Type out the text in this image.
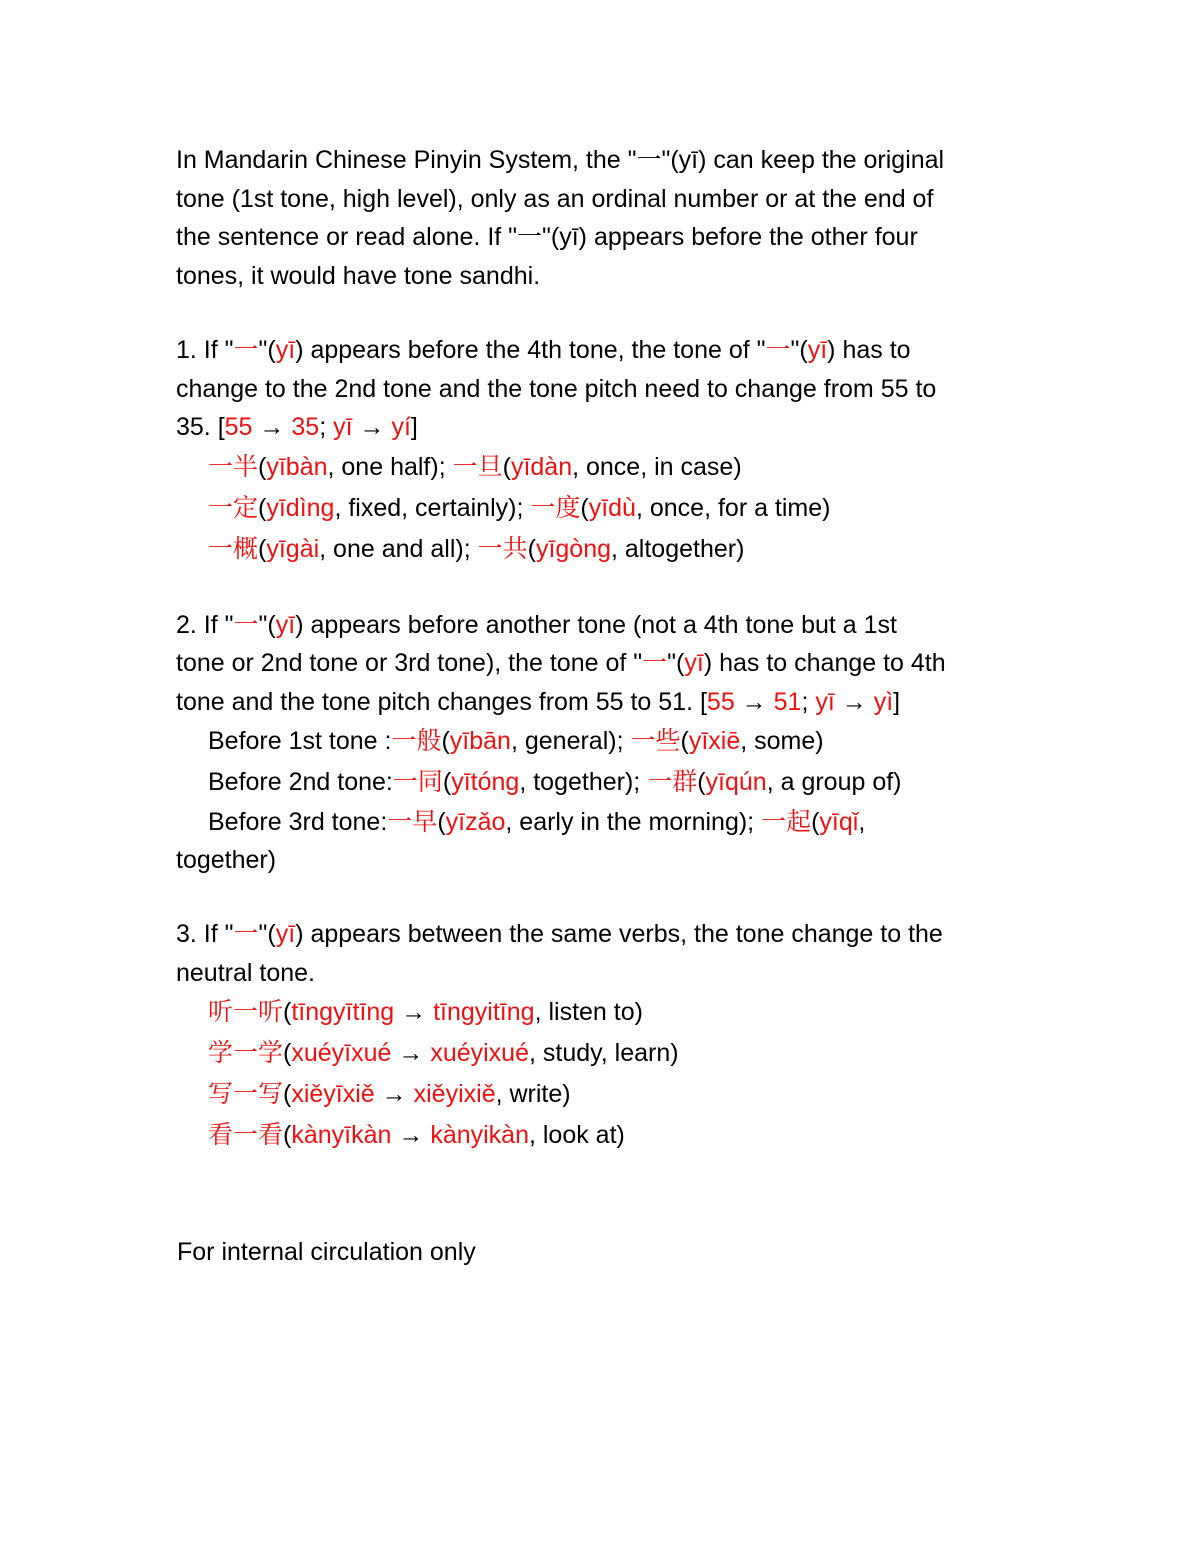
In Mandarin Chinese Pinyin System, the "一"(yī) can keep the original
tone (1st tone, high level), only as an ordinal number or at the end of
the sentence or read alone. If "一"(yī) appears before the other four
tones, it would have tone sandhi.
1. If "一"(yī) appears before the 4th tone, the tone of "一"(yī) has to
change to the 2nd tone and the tone pitch need to change from 55 to
35. [55 → 35; yī → yí]
一半(yībàn, one half); 一旦(yīdàn, once, in case)
一定(yīdìng, fixed, certainly); 一度(yīdù, once, for a time)
一概(yīgài, one and all); 一共(yīgòng, altogether)
2. If "一"(yī) appears before another tone (not a 4th tone but a 1st
tone or 2nd tone or 3rd tone), the tone of "一"(yī) has to change to 4th
tone and the tone pitch changes from 55 to 51. [55 → 51; yī → yì]
Before 1st tone :一般(yībān, general); 一些(yīxiē, some)
Before 2nd tone:一同(yītóng, together); 一群(yīqún, a group of)
Before 3rd tone:一早(yīzǎo, early in the morning); 一起(yīqǐ,
together)
3. If "一"(yī) appears between the same verbs, the tone change to the
neutral tone.
听一听(tīngyītīng → tīngyitīng, listen to)
学一学(xuéyīxué → xuéyixué, study, learn)
写一写(xiěyīxiě → xiěyixiě, write)
看一看(kànyīkàn → kànyikàn, look at)
For internal circulation only
